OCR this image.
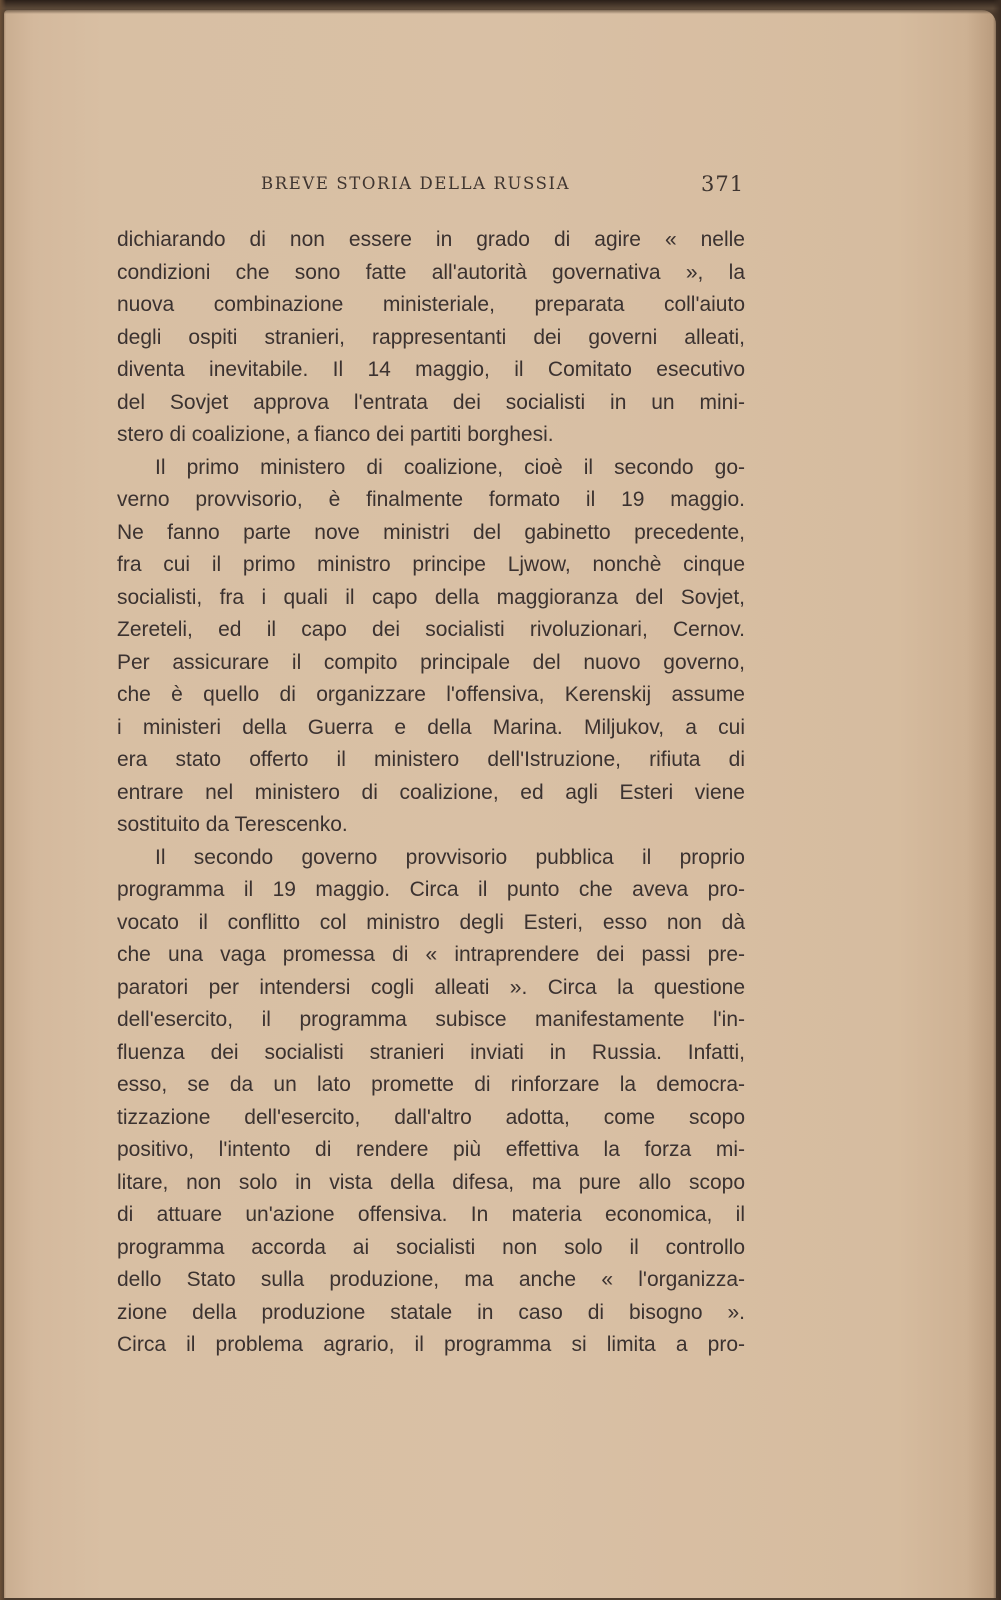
BREVE STORIA DELLA RUSSIA	371
dichiarando di non essere in grado di agire « nelle
condizioni che sono fatte all'autorità governativa », la
nuova combinazione ministeriale, preparata coll'aiuto
degli ospiti stranieri, rappresentanti dei governi alleati,
diventa inevitabile. Il 14 maggio, il Comitato esecutivo
del Sovjet approva l'entrata dei socialisti in un mini-
stero di coalizione, a fianco dei partiti borghesi.
Il primo ministero di coalizione, cioè il secondo go-
verno provvisorio, è finalmente formato il 19 maggio.
Ne fanno parte nove ministri del gabinetto precedente,
fra cui il primo ministro principe Ljwow, nonchè cinque
socialisti, fra i quali il capo della maggioranza del Sovjet,
Zereteli, ed il capo dei socialisti rivoluzionari, Cernov.
Per assicurare il compito principale del nuovo governo,
che è quello di organizzare l'offensiva, Kerenskij assume
i ministeri della Guerra e della Marina. Miljukov, a cui
era stato offerto il ministero dell'Istruzione, rifiuta di
entrare nel ministero di coalizione, ed agli Esteri viene
sostituito da Terescenko.
Il secondo governo provvisorio pubblica il proprio
programma il 19 maggio. Circa il punto che aveva pro-
vocato il conflitto col ministro degli Esteri, esso non dà
che una vaga promessa di « intraprendere dei passi pre-
paratori per intendersi cogli alleati ». Circa la questione
dell'esercito, il programma subisce manifestamente l'in-
fluenza dei socialisti stranieri inviati in Russia. Infatti,
esso, se da un lato promette di rinforzare la democra-
tizzazione dell'esercito, dall'altro adotta, come scopo
positivo, l'intento di rendere più effettiva la forza mi-
litare, non solo in vista della difesa, ma pure allo scopo
di attuare un'azione offensiva. In materia economica, il
programma accorda ai socialisti non solo il controllo
dello Stato sulla produzione, ma anche « l'organizza-
zione della produzione statale in caso di bisogno ».
Circa il problema agrario, il programma si limita a pro-
